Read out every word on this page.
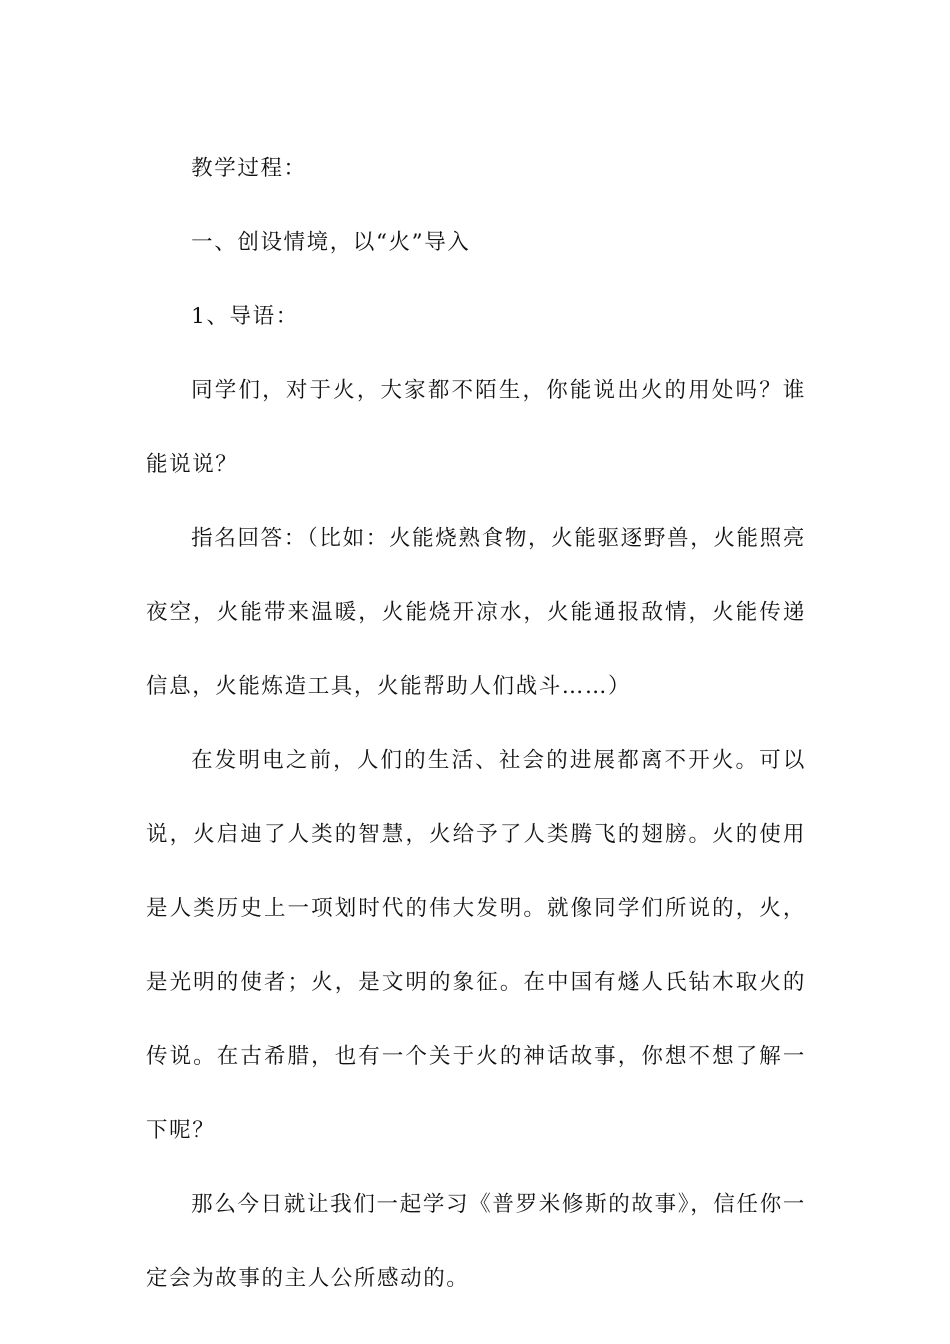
教学过程：

一、创设情境，以“火”导入

1、导语：

同学们，对于火，大家都不陌生，你能说出火的用处吗？谁能说说？

指名回答：（比如：火能烧熟食物，火能驱逐野兽，火能照亮夜空，火能带来温暖，火能烧开凉水，火能通报敌情，火能传递信息，火能炼造工具，火能帮助人们战斗……）

在发明电之前，人们的生活、社会的进展都离不开火。可以说，火启迪了人类的智慧，火给予了人类腾飞的翅膀。火的使用是人类历史上一项划时代的伟大发明。就像同学们所说的，火，是光明的使者；火，是文明的象征。在中国有燧人氏钻木取火的传说。在古希腊，也有一个关于火的神话故事，你想不想了解一下呢？

那么今日就让我们一起学习《普罗米修斯的故事》，信任你一定会为故事的主人公所感动的。
